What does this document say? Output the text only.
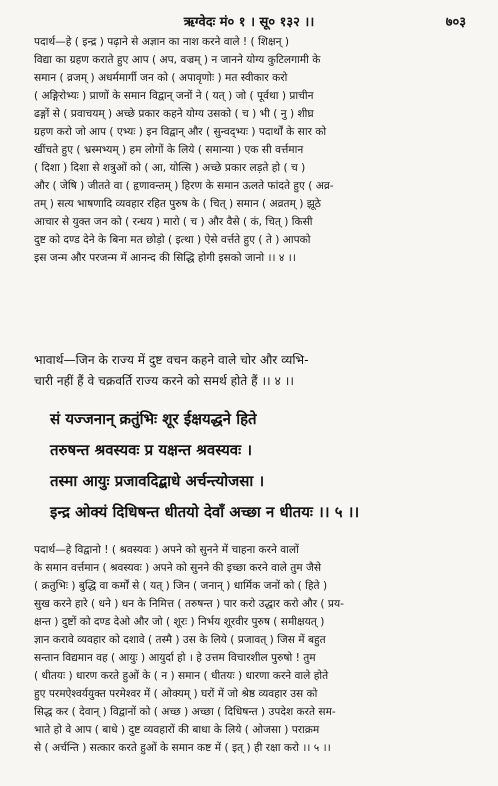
ऋग्वेदः मं० १ । सू० १३२ ।।	७०३
पदार्थ—हे ( इन्द्र ) पढ़ाने से अज्ञान का नाश करने वाले ! ( शिक्षन् )
विद्या का ग्रहण कराते हुए आप ( अप, वज्रम् ) न जानने योग्य कुटिलगामी के
समान ( व्रजम् ) अधर्ममार्गी जन को ( अपावृणोः ) मत स्वीकार करो
( अङ्गिरोभ्यः ) प्राणों के समान विद्वान् जनों ने ( यत् ) जो ( पूर्वथा ) प्राचीन
ढङ्गों से ( प्रवाचयम् ) अच्छे प्रकार कहने योग्य उसको ( च ) भी ( नु ) शीघ्र
ग्रहण करो जो आप ( एभ्यः ) इन विद्वान् और ( सुन्वद्भ्यः ) पदार्थों के सार को
खींचते हुए ( भ्रस्मभ्यम् ) हम लोगों के लिये ( समान्या ) एक सी वर्त्तमान
( दिशा ) दिशा से शत्रुओं को ( आ, योत्सि ) अच्छे प्रकार लड़ते हो ( च )
और ( जेषि ) जीतते वा ( हृणावन्तम् ) हिरण के समान ऊलते फांदते हुए ( अव्र-
तम् ) सत्य भाषणादि व्यवहार रहित पुरुष के ( चित् ) समान ( अव्रतम् ) झूठे
आचार से युक्त जन को ( रन्धय ) मारो ( च ) और वैसे ( कं, चित् ) किसी
दुष्ट को दण्ड देने के बिना मत छोड़ो ( इत्था ) ऐसे वर्त्तते हुए ( ते ) आपको
इस जन्म और परजन्म में आनन्द की सिद्धि होगी इसको जानो ।। ४ ।।
भावार्थ—जिन के राज्य में दुष्ट वचन कहने वाले चोर और व्यभि-
चारी नहीं हैं वे चक्रवर्ति राज्य करने को समर्थ होते हैं ।। ४ ।।
सं यज्जनान् क्रतुंभिः शूर ईक्षयद्धने हिते
तरुषन्त श्रवस्यवः प्र यक्षन्त श्रवस्यवः ।
तस्मा आयुः प्रजावदिद्बाधे अर्चन्त्योजसा ।
इन्द्र ओक्यं दिधिषन्त धीतयो देवाँ अच्छा न धीतयः ।। ५ ।।
पदार्थ—हे विद्वानो ! ( श्रवस्यवः ) अपने को सुनने में चाहना करने वालों
के समान वर्त्तमान ( श्रवस्यवः ) अपने को सुनने की इच्छा करने वाले तुम जैसे
( क्रतुभिः ) बुद्धि वा कर्मों से ( यत् ) जिन ( जनान् ) धार्मिक जनों को ( हिते )
सुख करने हारे ( धने ) धन के निमित्त ( तरुषन्त ) पार करो उद्धार करो और ( प्रय-
क्षन्त ) दुष्टों को दण्ड देओ और जो ( शूरः ) निर्भय शूरवीर पुरुष ( समीक्षयत् )
ज्ञान करावे व्यवहार को दशावे ( तस्मै ) उस के लिये ( प्रजावत् ) जिस में बहुत
सन्तान विद्यमान वह ( आयुः ) आयुर्दा हो । हे उत्तम विचारशील पुरुषो ! तुम
( धीतयः ) धारण करते हुओं के ( न ) समान ( धीतयः ) धारणा करने वाले होते
हुए परमऐश्वर्ययुक्त परमेश्वर में ( ओक्यम् ) घरों में जो श्रेष्ठ व्यवहार उस को
सिद्ध कर ( देवान् ) विद्वानों को ( अच्छ ) अच्छा ( दिधिषन्त ) उपदेश करते सम-
भाते हो वे आप ( बाधे ) दुष्ट व्यवहारों की बाधा के लिये ( ओजसा ) पराक्रम
से ( अर्चन्ति ) सत्कार करते हुओं के समान कष्ट में ( इत् ) ही रक्षा करो ।। ५ ।।
